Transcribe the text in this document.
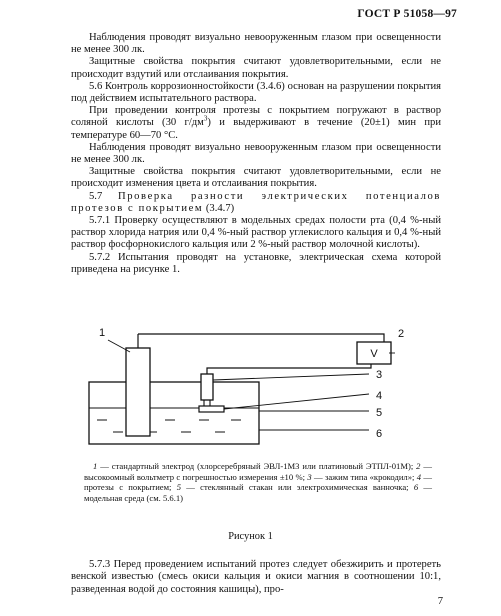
ГОСТ Р 51058—97

Наблюдения проводят визуально невооруженным глазом при освещенности не менее 300 лк.

Защитные свойства покрытия считают удовлетворительными, если не происходит вздутий или отслаивания покрытия.

5.6 Контроль коррозионностойкости (3.4.6) основан на разрушении покрытия под действием испытательного раствора.

При проведении контроля протезы с покрытием погружают в раствор соляной кислоты (30 $г/дм^3$) и выдерживают в течение (20±1) мин при температуре 60—70 °С.

Наблюдения проводят визуально невооруженным глазом при освещенности не менее 300 лк.

Защитные свойства покрытия считают удовлетворительными, если не происходит изменения цвета и отслаивания покрытия.

5.7 Проверка разности электрических потенциалов протезов с покрытием (3.4.7)

5.7.1 Проверку осуществляют в модельных средах полости рта (0,4 %-ный раствор хлорида натрия или 0,4 %-ный раствор углекислого кальция и 0,4 %-ный раствор фосфорнокислого кальция или 2 %-ный раствор молочной кислоты).

5.7.2 Испытания проводят на установке, электрическая схема которой приведена на рисунке 1.

V
1	2
3
4
5
6
1 — стандартный электрод (хлорсеребряный ЭВЛ-1М3 или платиновый ЭТПЛ-01М); 2 — высокоомный вольтметр с погрешностью измерения ±10 %; 3 — зажим типа «крокодил»; 4 — протезы с покрытием; 5 — стеклянный стакан или электрохимическая ванночка; 6 — модельная среда (см. 5.6.1)
Рисунок 1

5.7.3 Перед проведением испытаний протез следует обезжирить и протереть венской известью (смесь окиси кальция и окиси магния в соотношении 10:1, разведенная водой до состояния кашицы), про-

7
